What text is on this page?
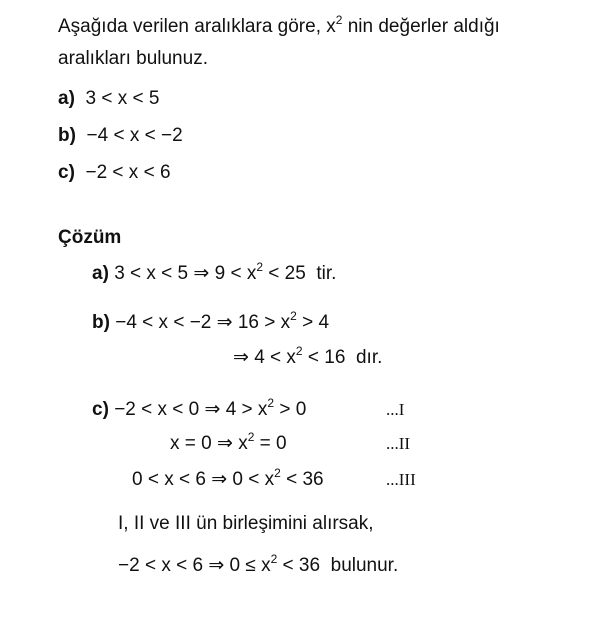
Aşağıda verilen aralıklara göre, $x^2$ nin değerler aldığı
aralıkları bulunuz.
a) 3 < x < 5
b) −4 < x < −2
c) −2 < x < 6
Çözüm
a) 3 < x < 5 ⇒ $9 < x^2 < 25$ tir.
b) −4 < x < −2 ⇒ $16 > x^2 > 4$
⇒ $4 < x^2 < 16$ dır.
c) −2 < x < 0 ⇒ $4 > x^2 > 0$	...I
x = 0 ⇒ $x^2 = 0$	...II
0 < x < 6 ⇒ $0 < x^2 < 36$	...III
I, II ve III ün birleşimini alırsak,
−2 < x < 6 ⇒ $0 \le x^2 < 36$ bulunur.
